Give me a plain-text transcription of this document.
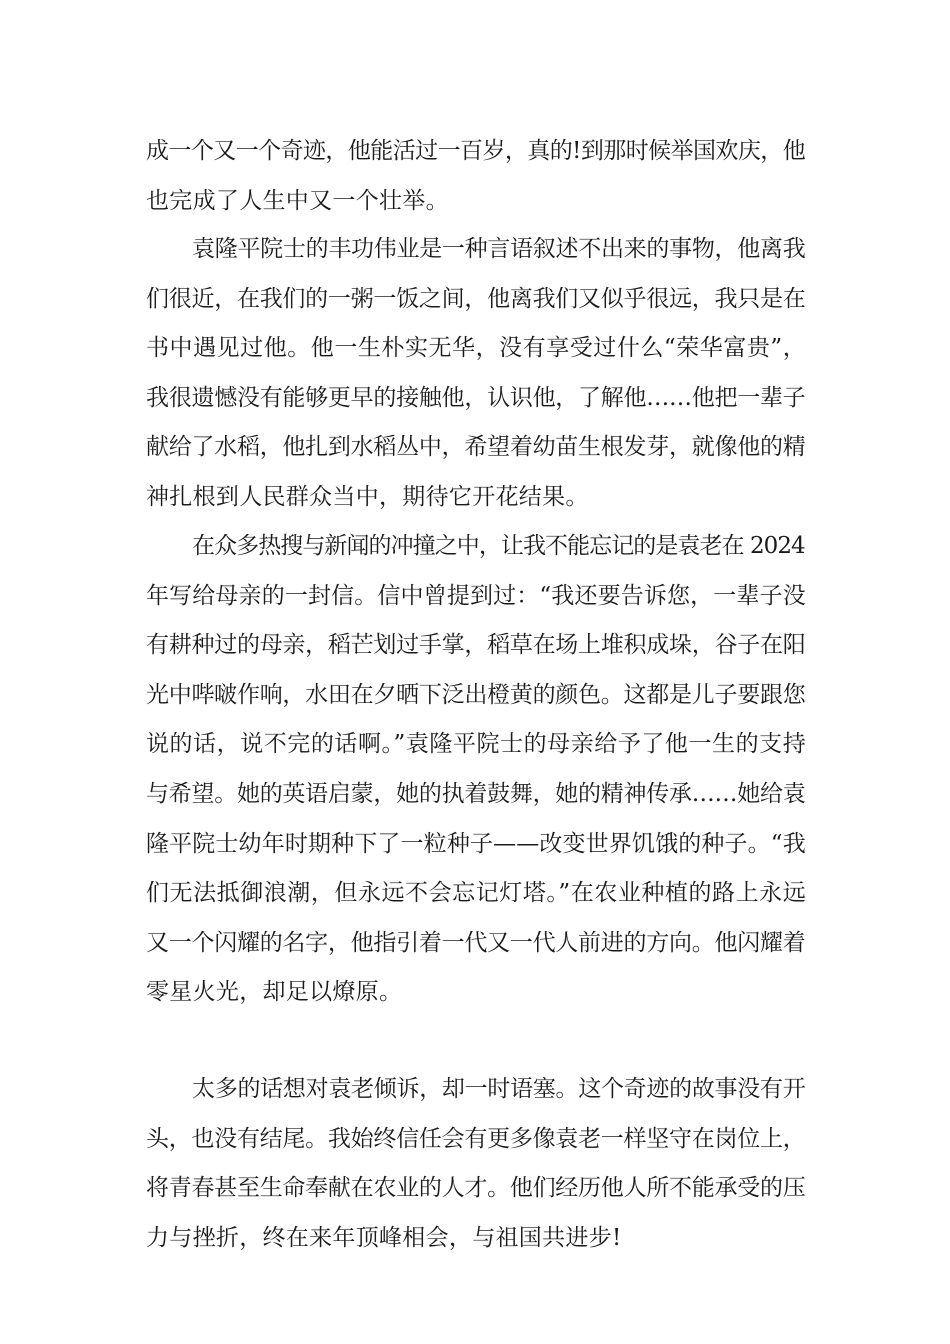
成一个又一个奇迹，他能活过一百岁，真的!到那时候举国欢庆，他
也完成了人生中又一个壮举。
袁隆平院士的丰功伟业是一种言语叙述不出来的事物，他离我
们很近，在我们的一粥一饭之间，他离我们又似乎很远，我只是在
书中遇见过他。他一生朴实无华，没有享受过什么“荣华富贵”，
我很遗憾没有能够更早的接触他，认识他，了解他……他把一辈子
献给了水稻，他扎到水稻丛中，希望着幼苗生根发芽，就像他的精
神扎根到人民群众当中，期待它开花结果。
在众多热搜与新闻的冲撞之中，让我不能忘记的是袁老在 2024
年写给母亲的一封信。信中曾提到过：“我还要告诉您，一辈子没
有耕种过的母亲，稻芒划过手掌，稻草在场上堆积成垛，谷子在阳
光中哔啵作响，水田在夕晒下泛出橙黄的颜色。这都是儿子要跟您
说的话，说不完的话啊。”袁隆平院士的母亲给予了他一生的支持
与希望。她的英语启蒙，她的执着鼓舞，她的精神传承……她给袁
隆平院士幼年时期种下了一粒种子——改变世界饥饿的种子。“我
们无法抵御浪潮，但永远不会忘记灯塔。”在农业种植的路上永远
又一个闪耀的名字，他指引着一代又一代人前进的方向。他闪耀着
零星火光，却足以燎原。
太多的话想对袁老倾诉，却一时语塞。这个奇迹的故事没有开
头，也没有结尾。我始终信任会有更多像袁老一样坚守在岗位上，
将青春甚至生命奉献在农业的人才。他们经历他人所不能承受的压
力与挫折，终在来年顶峰相会，与祖国共进步!
